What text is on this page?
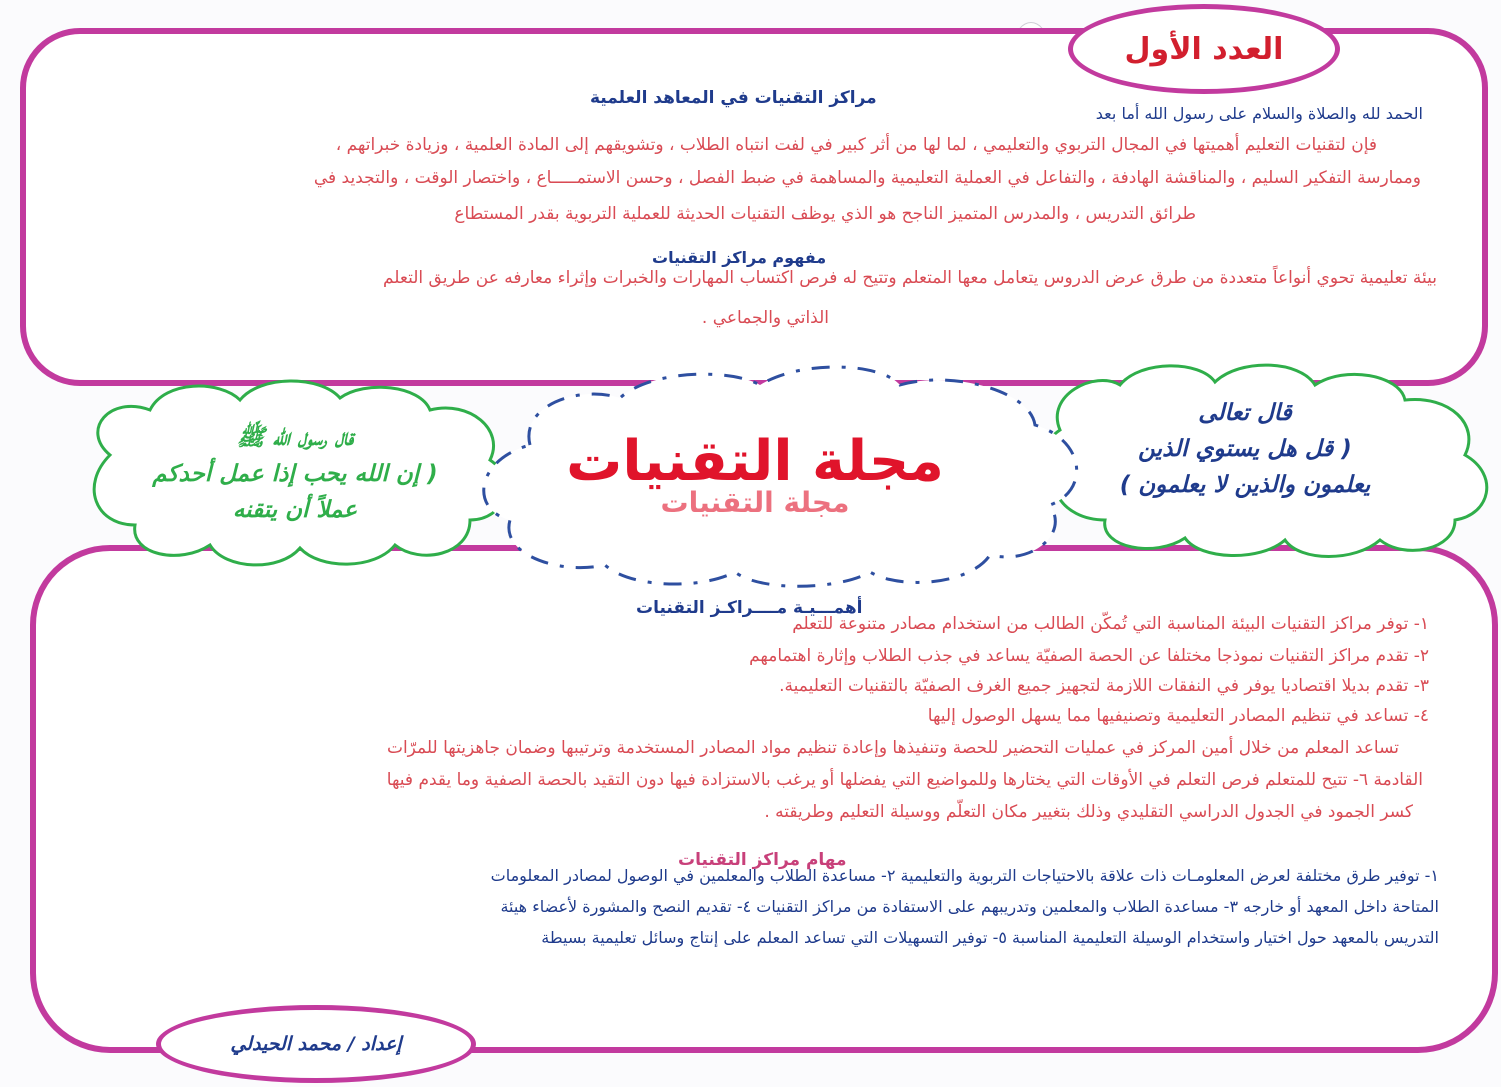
العدد الأول
مراكز التقنيات في المعاهد العلمية
الحمد لله والصلاة والسلام على رسول الله أما بعد
فإن لتقنيات التعليم أهميتها في المجال التربوي والتعليمي ، لما لها من أثر كبير في لفت انتباه الطلاب ، وتشويقهم إلى المادة العلمية ، وزيادة خبراتهم ،
وممارسة التفكير السليم ، والمناقشة الهادفة ، والتفاعل في العملية التعليمية والمساهمة في ضبط الفصل ، وحسن الاستمـــــاع ، واختصار الوقت ، والتجديد في
طرائق التدريس ، والمدرس المتميز الناجح هو الذي يوظف التقنيات الحديثة للعملية التربوية بقدر المستطاع
مفهوم مراكز التقنيات
بيئة تعليمية تحوي أنواعاً متعددة من طرق عرض الدروس يتعامل معها المتعلم وتتيح له فرص اكتساب المهارات والخبرات وإثراء معارفه عن طريق التعلم
الذاتي والجماعي .
قال رسول الله ﷺ
( إن الله يحب إذا عمل أحدكم
عملاً أن يتقنه
قال تعالى
( قل هل يستوي الذين
يعلمون والذين لا يعلمون )
مجلة التقنيات
مجلة التقنيات
أهمـــيـة مــــراكـز التقنيات
١- توفر مراكز التقنيات البيئة المناسبة التي تُمكّن الطالب من استخدام مصادر متنوعة للتعلم
٢- تقدم مراكز التقنيات نموذجا مختلفا عن الحصة الصفيّة يساعد في جذب الطلاب وإثارة اهتمامهم
٣- تقدم بديلا اقتصاديا يوفر في النفقات اللازمة لتجهيز جميع الغرف الصفيّة بالتقنيات التعليمية.
٤- تساعد في تنظيم المصادر التعليمية وتصنيفيها مما يسهل الوصول إليها
تساعد المعلم من خلال أمين المركز في عمليات التحضير للحصة وتنفيذها وإعادة تنظيم مواد المصادر المستخدمة وترتيبها وضمان جاهزيتها للمرّات
القادمة ٦- تتيح للمتعلم فرص التعلم في الأوقات التي يختارها وللمواضيع التي يفضلها أو يرغب بالاستزادة فيها دون التقيد بالحصة الصفية وما يقدم فيها
كسر الجمود في الجدول الدراسي التقليدي وذلك بتغيير مكان التعلّم ووسيلة التعليم وطريقته .
مهام مراكز التقنيات
١- توفير طرق مختلفة لعرض المعلومـات ذات علاقة بالاحتياجات التربوية والتعليمية ٢- مساعدة الطلاب والمعلمين في الوصول لمصادر المعلومات
المتاحة داخل المعهد أو خارجه ٣- مساعدة الطلاب والمعلمين وتدريبهم على الاستفادة من مراكز التقنيات ٤- تقديم النصح والمشورة لأعضاء هيئة
التدريس بالمعهد حول اختيار واستخدام الوسيلة التعليمية المناسبة ٥- توفير التسهيلات التي تساعد المعلم على إنتاج وسائل تعليمية بسيطة
إعداد / محمد الحيدلي
